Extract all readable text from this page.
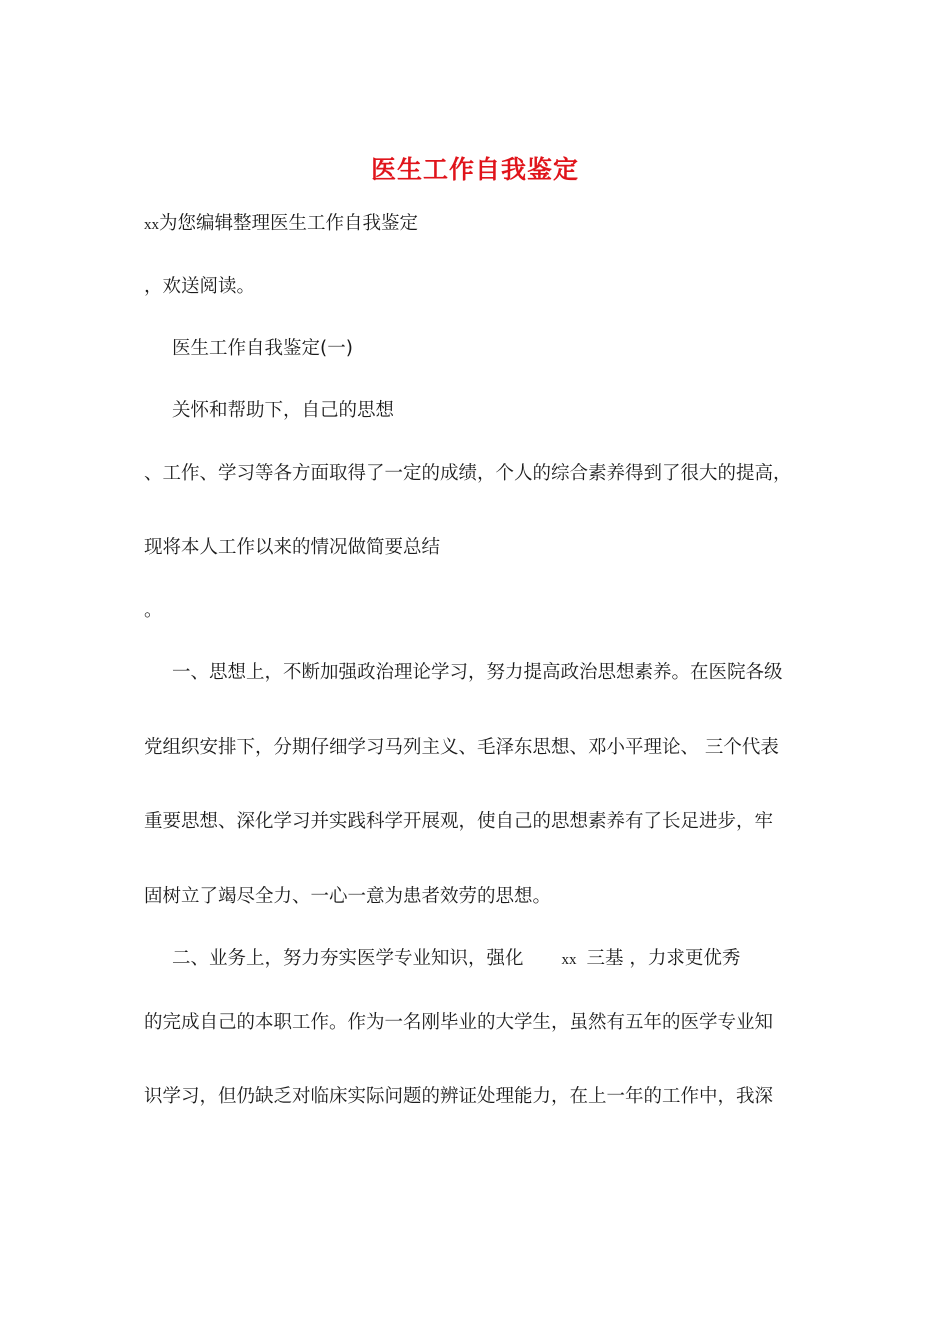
医生工作自我鉴定
xx为您编辑整理医生工作自我鉴定
，欢送阅读。
医生工作自我鉴定(一)
关怀和帮助下，自己的思想
、工作、学习等各方面取得了一定的成绩，个人的综合素养得到了很大的提高，
现将本人工作以来的情况做简要总结
。
一、思想上，不断加强政治理论学习，努力提高政治思想素养。在医院各级
党组织安排下，分期仔细学习马列主义、毛泽东思想、邓小平理论、 三个代表
重要思想、深化学习并实践科学开展观，使自己的思想素养有了长足进步，牢
固树立了竭尽全力、一心一意为患者效劳的思想。
二、业务上，努力夯实医学专业知识，强化	xx 三基 ，力求更优秀
的完成自己的本职工作。作为一名刚毕业的大学生，虽然有五年的医学专业知
识学习，但仍缺乏对临床实际问题的辨证处理能力，在上一年的工作中，我深
